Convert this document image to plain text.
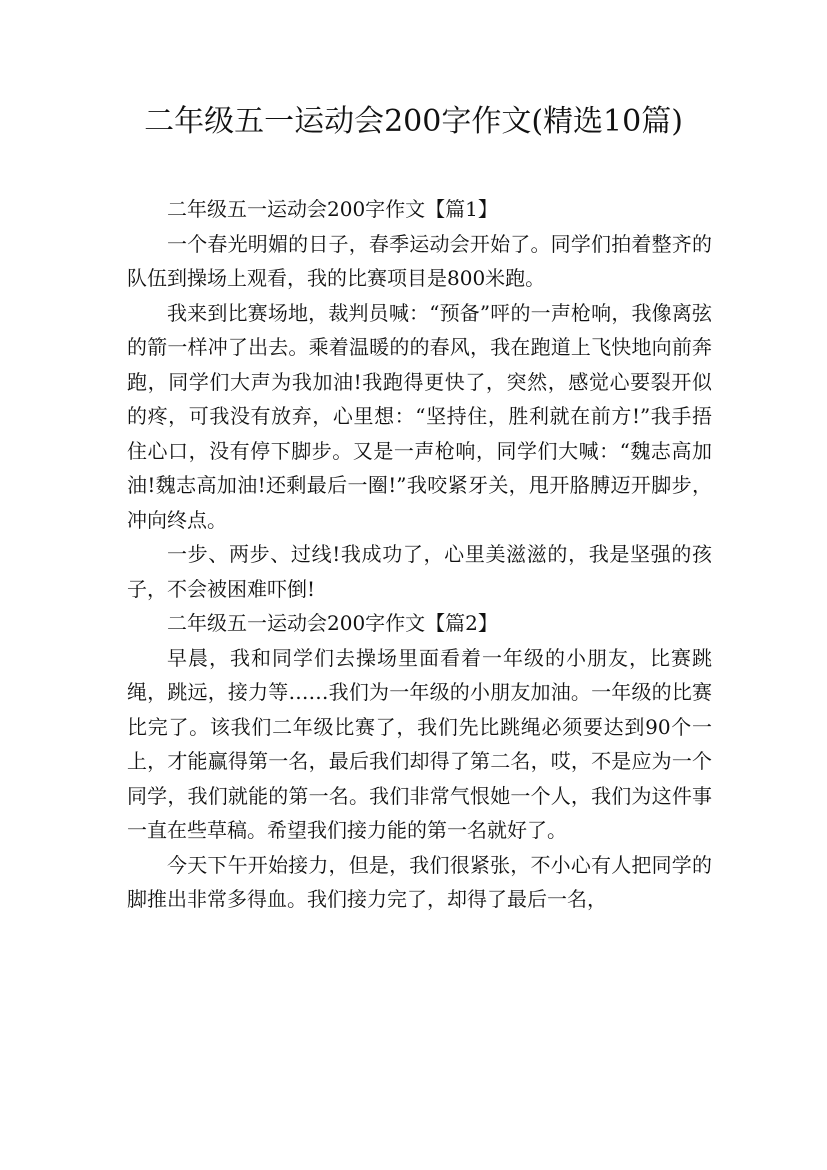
二年级五一运动会200字作文(精选10篇)

二年级五一运动会200字作文【篇1】

一个春光明媚的日子，春季运动会开始了。同学们拍着整齐的队伍到操场上观看，我的比赛项目是800米跑。

我来到比赛场地，裁判员喊：“预备”呯的一声枪响，我像离弦的箭一样冲了出去。乘着温暖的的春风，我在跑道上飞快地向前奔跑，同学们大声为我加油!我跑得更快了，突然，感觉心要裂开似的疼，可我没有放弃，心里想：“坚持住，胜利就在前方!”我手捂住心口，没有停下脚步。又是一声枪响，同学们大喊：“魏志高加油!魏志高加油!还剩最后一圈!”我咬紧牙关，甩开胳膊迈开脚步，冲向终点。

一步、两步、过线!我成功了，心里美滋滋的，我是坚强的孩子，不会被困难吓倒!

二年级五一运动会200字作文【篇2】

早晨，我和同学们去操场里面看着一年级的小朋友，比赛跳绳，跳远，接力等……我们为一年级的小朋友加油。一年级的比赛比完了。该我们二年级比赛了，我们先比跳绳必须要达到90个一上，才能赢得第一名，最后我们却得了第二名，哎，不是应为一个同学，我们就能的第一名。我们非常气恨她一个人，我们为这件事一直在些草稿。希望我们接力能的第一名就好了。

今天下午开始接力，但是，我们很紧张，不小心有人把同学的脚推出非常多得血。我们接力完了，却得了最后一名，
